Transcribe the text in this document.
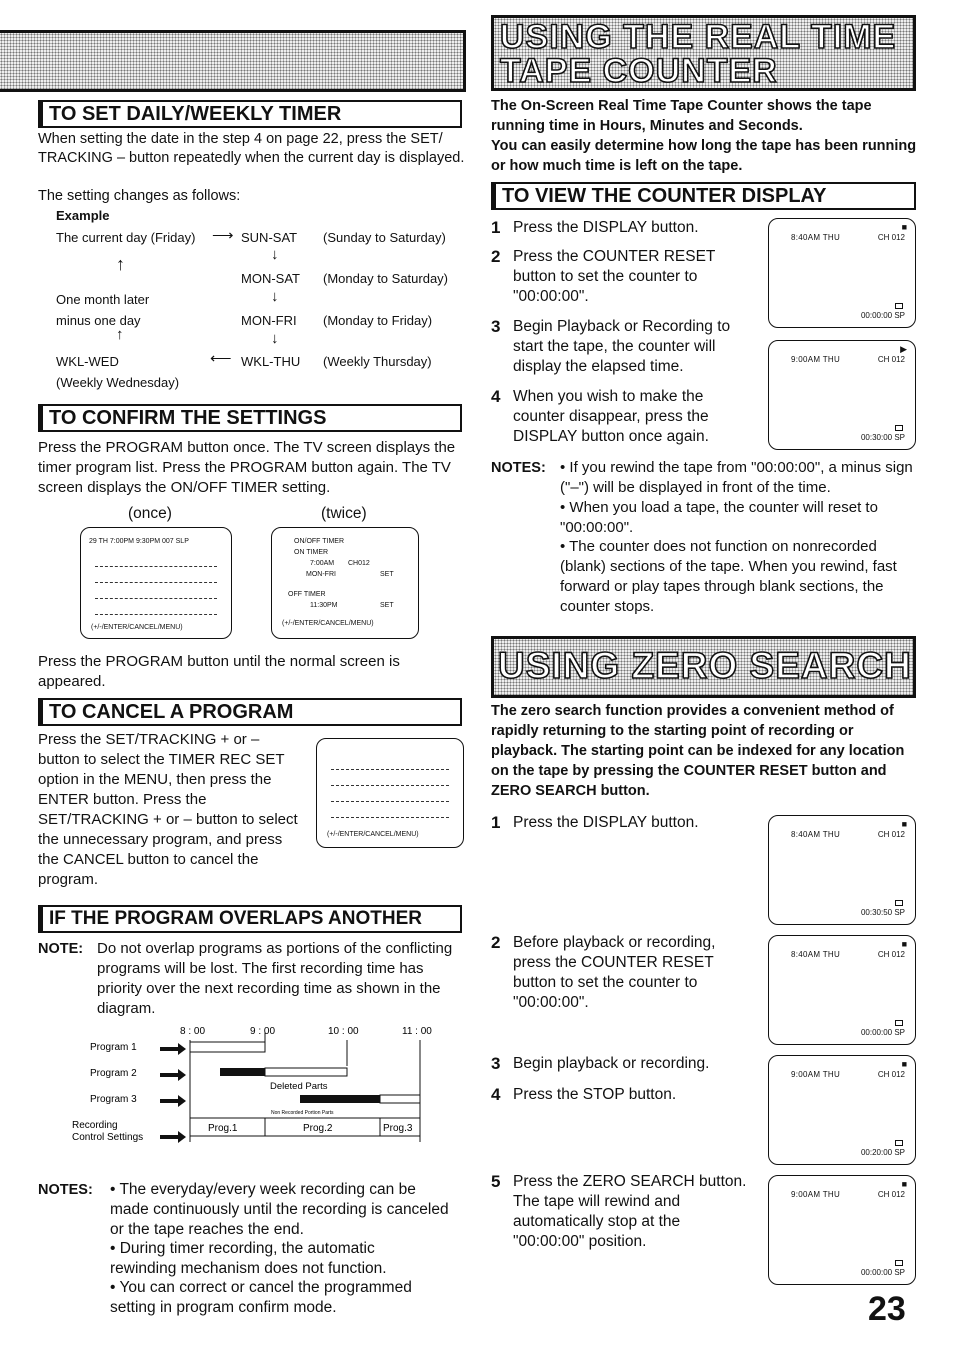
TO SET DAILY/WEEKLY TIMER
When setting the date in the step 4 on page 22, press the SET/ TRACKING – button repeatedly when the current day is displayed.
The setting changes as follows:
Example
The current day (Friday) ⟶ SUN-SAT (Sunday to Saturday)
↓
↑
MON-SAT (Monday to Saturday)
One month later	↓
minus one day	MON-FRI (Monday to Friday)
↑	↓
WKL-WED	⟵ WKL-THU (Weekly Thursday)
(Weekly Wednesday)
TO CONFIRM THE SETTINGS
Press the PROGRAM button once. The TV screen displays the timer program list. Press the PROGRAM button again. The TV screen displays the ON/OFF TIMER setting.
(once)	(twice)
29 TH 7:00PM 9:30PM 007 SLP
(+/-/ENTER/CANCEL/MENU)
ON/OFF TIMER
ON TIMER
7:00AM CH012
MON-FRI	SET
OFF TIMER
11:30PM	SET
(+/-/ENTER/CANCEL/MENU)
Press the PROGRAM button until the normal screen is appeared.
TO CANCEL A PROGRAM
Press the SET/TRACKING + or – button to select the TIMER REC SET option in the MENU, then press the ENTER button. Press the SET/TRACKING + or – button to select the unnecessary program, and press the CANCEL button to cancel the program.
(+/-/ENTER/CANCEL/MENU)
IF THE PROGRAM OVERLAPS ANOTHER
NOTE: Do not overlap programs as portions of the conflicting programs will be lost. The first recording time has priority over the next recording time as shown in the diagram.
8 : 00	9 : 00	10 : 00	11 : 00
Program 1
Program 2
Program 3
Recording
Control Settings
Deleted Parts
Non Recorded Portion Parts
Prog.1	Prog.2	Prog.3
NOTES: • The everyday/every week recording can be made continuously until the recording is canceled or the tape reaches the end.
• During timer recording, the automatic rewinding mechanism does not function.
• You can correct or cancel the programmed setting in program confirm mode.
USING THE REAL TIME
TAPE COUNTER
The On-Screen Real Time Tape Counter shows the tape running time in Hours, Minutes and Seconds.
You can easily determine how long the tape has been running or how much time is left on the tape.
TO VIEW THE COUNTER DISPLAY
1 Press the DISPLAY button.
2 Press the COUNTER RESET button to set the counter to "00:00:00".
3 Begin Playback or Recording to start the tape, the counter will display the elapsed time.
4 When you wish to make the counter disappear, press the DISPLAY button once again.
■
8:40AM THU	CH 012
00:00:00 SP
▶
9:00AM THU	CH 012
00:30:00 SP
NOTES: • If you rewind the tape from "00:00:00", a minus sign ("–") will be displayed in front of the time.
• When you load a tape, the counter will reset to "00:00:00".
• The counter does not function on nonrecorded (blank) sections of the tape. When you rewind, fast forward or play tapes through blank sections, the counter stops.
USING ZERO SEARCH
The zero search function provides a convenient method of rapidly returning to the starting point of recording or playback. The starting point can be indexed for any location on the tape by pressing the COUNTER RESET button and ZERO SEARCH button.
1 Press the DISPLAY button.
2 Before playback or recording, press the COUNTER RESET button to set the counter to "00:00:00".
3 Begin playback or recording.
4 Press the STOP button.
5 Press the ZERO SEARCH button. The tape will rewind and automatically stop at the "00:00:00" position.
■
8:40AM THU	CH 012
00:30:50 SP
■
8:40AM THU	CH 012
00:00:00 SP
■
9:00AM THU	CH 012
00:20:00 SP
■
9:00AM THU	CH 012
00:00:00 SP
23
